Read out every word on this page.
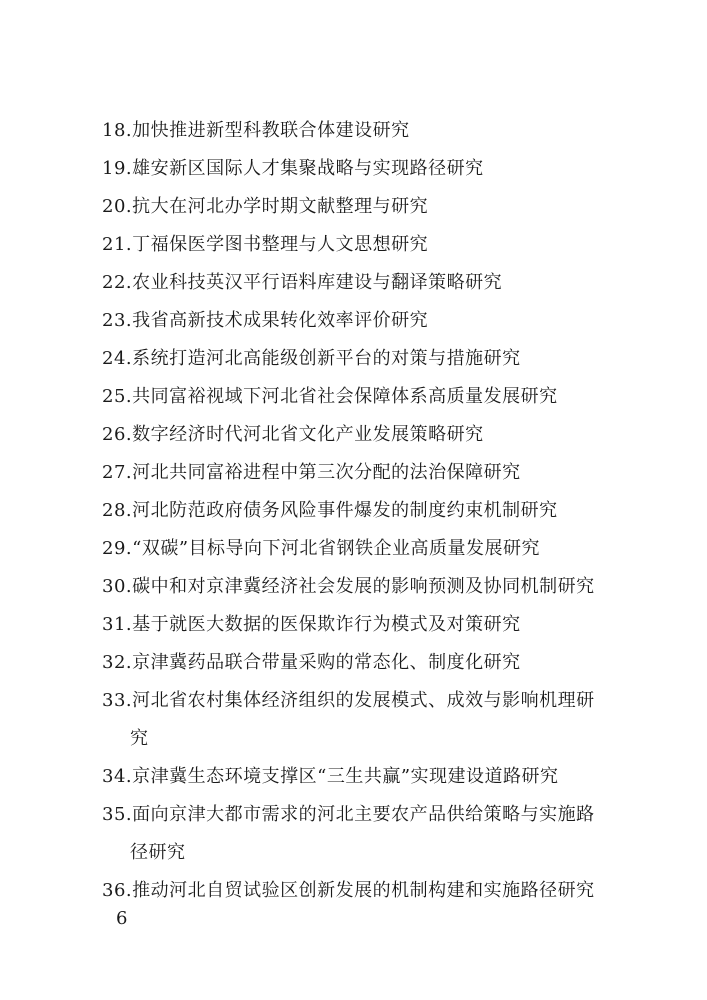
18.加快推进新型科教联合体建设研究
19.雄安新区国际人才集聚战略与实现路径研究
20.抗大在河北办学时期文献整理与研究
21.丁福保医学图书整理与人文思想研究
22.农业科技英汉平行语料库建设与翻译策略研究
23.我省高新技术成果转化效率评价研究
24.系统打造河北高能级创新平台的对策与措施研究
25.共同富裕视域下河北省社会保障体系高质量发展研究
26.数字经济时代河北省文化产业发展策略研究
27.河北共同富裕进程中第三次分配的法治保障研究
28.河北防范政府债务风险事件爆发的制度约束机制研究
29.“双碳”目标导向下河北省钢铁企业高质量发展研究
30.碳中和对京津冀经济社会发展的影响预测及协同机制研究
31.基于就医大数据的医保欺诈行为模式及对策研究
32.京津冀药品联合带量采购的常态化、制度化研究
33.河北省农村集体经济组织的发展模式、成效与影响机理研
究
34.京津冀生态环境支撑区“三生共赢”实现建设道路研究
35.面向京津大都市需求的河北主要农产品供给策略与实施路
径研究
36.推动河北自贸试验区创新发展的机制构建和实施路径研究
6
